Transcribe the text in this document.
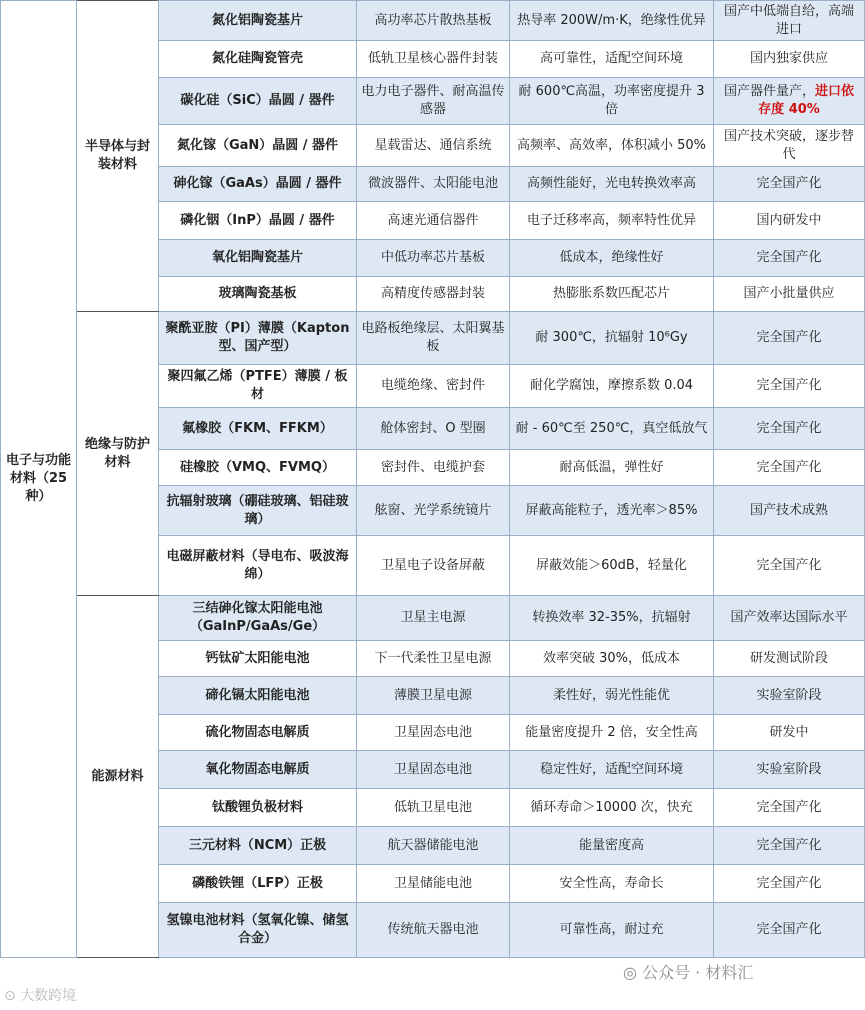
电子与功能材料（25 种）	半导体与封装材料	氮化铝陶瓷基片	高功率芯片散热基板	热导率 200W/m·K，绝缘性优异	国产中低端自给，高端进口
		氮化硅陶瓷管壳	低轨卫星核心器件封装	高可靠性，适配空间环境	国内独家供应
		碳化硅（SiC）晶圆 / 器件	电力电子器件、耐高温传感器	耐 600℃高温，功率密度提升 3 倍	国产器件量产，进口依存度 40%
		氮化镓（GaN）晶圆 / 器件	星载雷达、通信系统	高频率、高效率，体积减小 50%	国产技术突破，逐步替代
		砷化镓（GaAs）晶圆 / 器件	微波器件、太阳能电池	高频性能好，光电转换效率高	完全国产化
		磷化铟（InP）晶圆 / 器件	高速光通信器件	电子迁移率高，频率特性优异	国内研发中
		氧化铝陶瓷基片	中低功率芯片基板	低成本，绝缘性好	完全国产化
		玻璃陶瓷基板	高精度传感器封装	热膨胀系数匹配芯片	国产小批量供应
	绝缘与防护材料	聚酰亚胺（PI）薄膜（Kapton 型、国产型）	电路板绝缘层、太阳翼基板	耐 300℃，抗辐射 10⁶Gy	完全国产化
		聚四氟乙烯（PTFE）薄膜 / 板材	电缆绝缘、密封件	耐化学腐蚀，摩擦系数 0.04	完全国产化
		氟橡胶（FKM、FFKM）	舱体密封、O 型圈	耐 - 60℃至 250℃，真空低放气	完全国产化
		硅橡胶（VMQ、FVMQ）	密封件、电缆护套	耐高低温，弹性好	完全国产化
		抗辐射玻璃（硼硅玻璃、铝硅玻璃）	舷窗、光学系统镜片	屏蔽高能粒子，透光率＞85%	国产技术成熟
		电磁屏蔽材料（导电布、吸波海绵）	卫星电子设备屏蔽	屏蔽效能＞60dB，轻量化	完全国产化
	能源材料	三结砷化镓太阳能电池（GaInP/GaAs/Ge）	卫星主电源	转换效率 32-35%，抗辐射	国产效率达国际水平
		钙钛矿太阳能电池	下一代柔性卫星电源	效率突破 30%，低成本	研发测试阶段
		碲化镉太阳能电池	薄膜卫星电源	柔性好，弱光性能优	实验室阶段
		硫化物固态电解质	卫星固态电池	能量密度提升 2 倍，安全性高	研发中
		氧化物固态电解质	卫星固态电池	稳定性好，适配空间环境	实验室阶段
		钛酸锂负极材料	低轨卫星电池	循环寿命＞10000 次，快充	完全国产化
		三元材料（NCM）正极	航天器储能电池	能量密度高	完全国产化
		磷酸铁锂（LFP）正极	卫星储能电池	安全性高，寿命长	完全国产化
		氢镍电池材料（氢氧化镍、储氢合金）	传统航天器电池	可靠性高，耐过充	完全国产化
⊙ 大数跨境
◎ 公众号 · 材料汇
